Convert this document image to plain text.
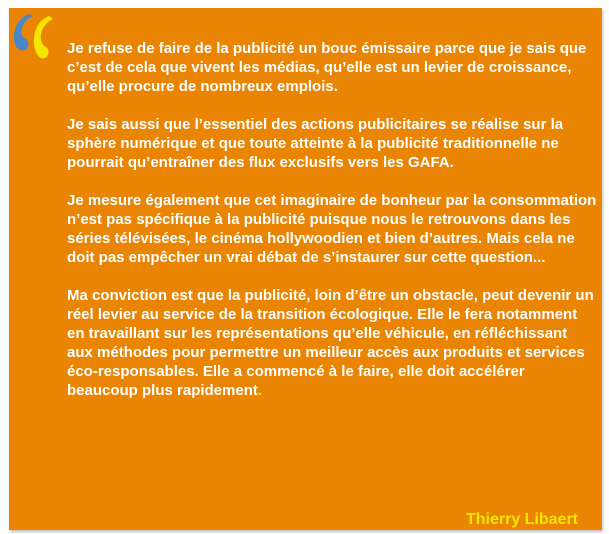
Je refuse de faire de la publicité un bouc émissaire parce que je sais que c’est de cela que vivent les médias, qu’elle est un levier de croissance, qu’elle procure de nombreux emplois.

Je sais aussi que l’essentiel des actions publicitaires se réalise sur la sphère numérique et que toute atteinte à la publicité traditionnelle ne pourrait qu’entraîner des flux exclusifs vers les GAFA.

Je mesure également que cet imaginaire de bonheur par la consommation n’est pas spécifique à la publicité puisque nous le retrouvons dans les séries télévisées, le cinéma hollywoodien et bien d’autres. Mais cela ne doit pas empêcher un vrai débat de s’instaurer sur cette question...

Ma conviction est que la publicité, loin d’être un obstacle, peut devenir un réel levier au service de la transition écologique. Elle le fera notamment en travaillant sur les représentations qu’elle véhicule, en réfléchissant aux méthodes pour permettre un meilleur accès aux produits et services éco-responsables. Elle a commencé à le faire, elle doit accélérer beaucoup plus rapidement.

Thierry Libaert
